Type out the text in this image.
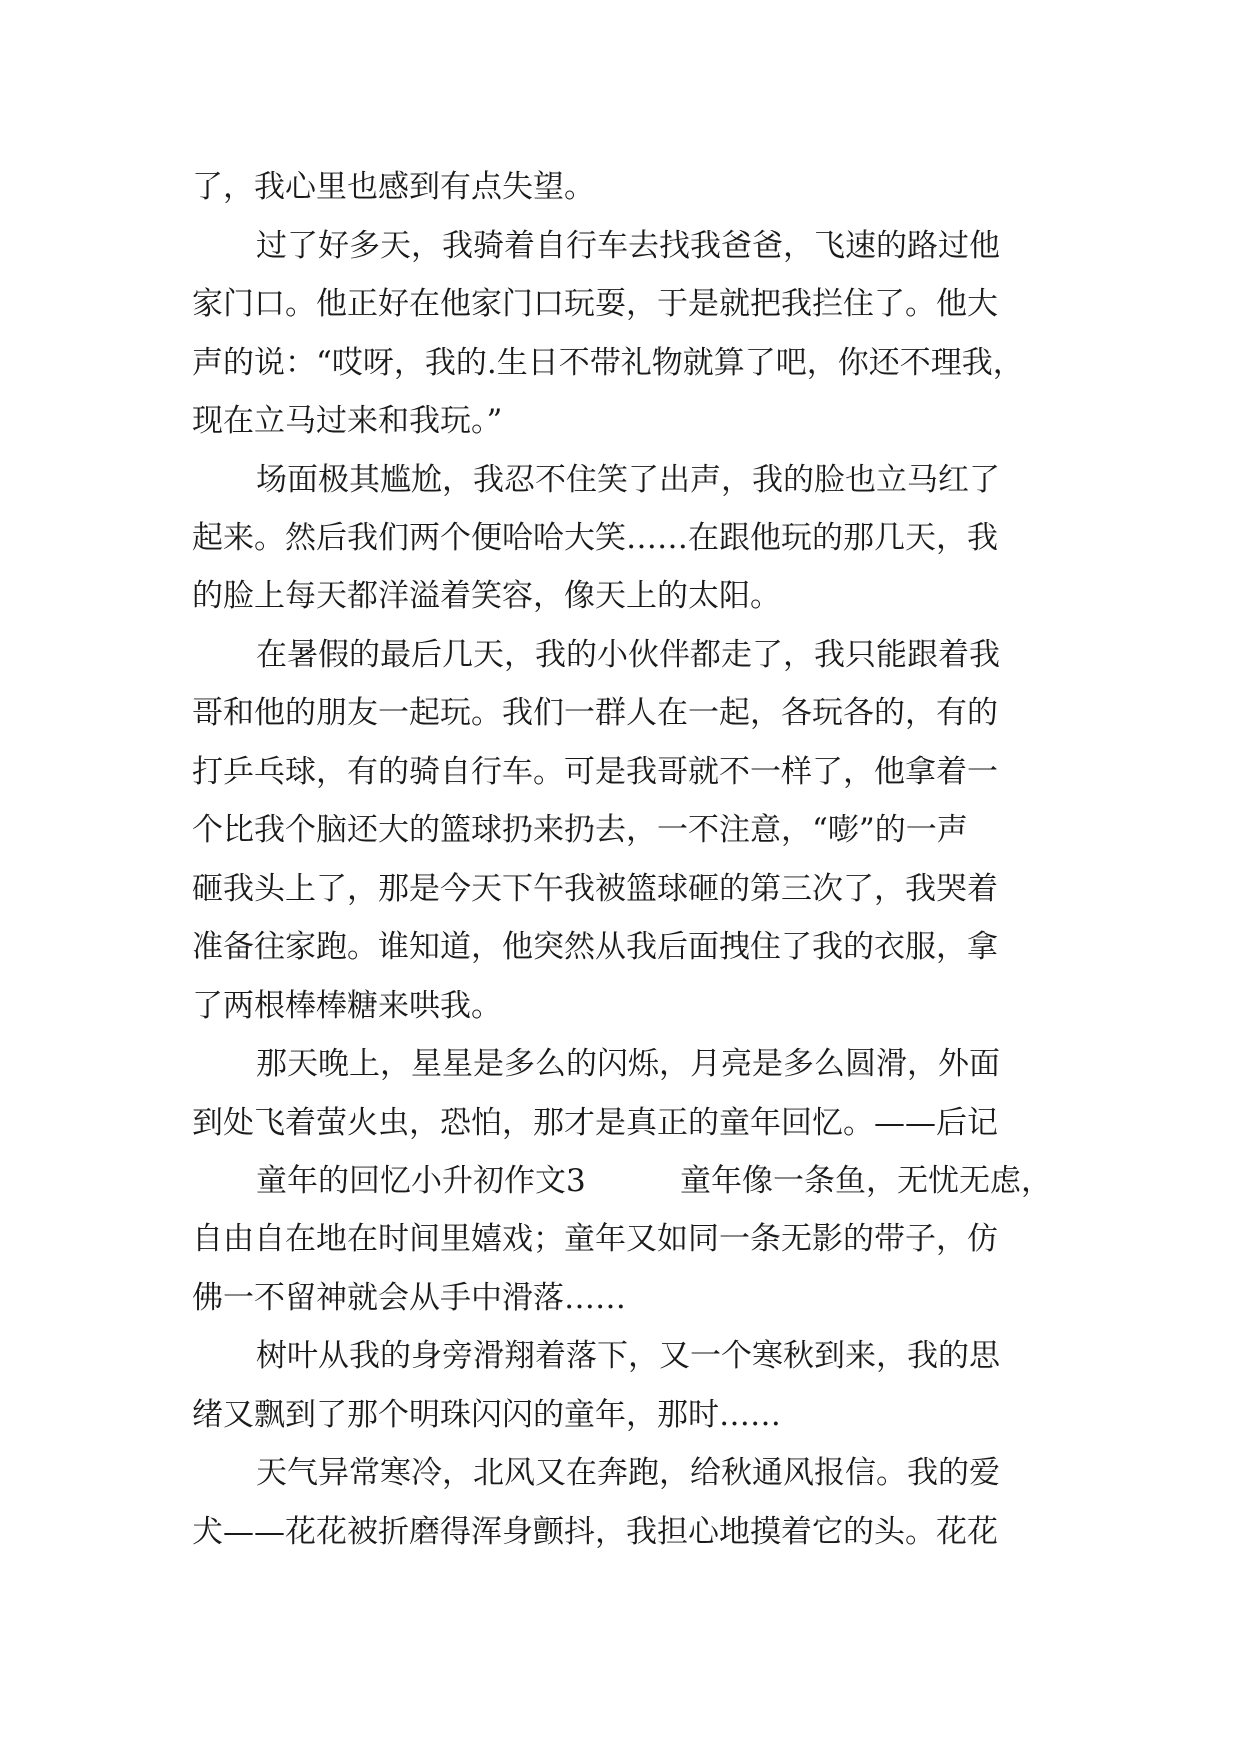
了，我心里也感到有点失望。
过了好多天，我骑着自行车去找我爸爸，飞速的路过他
家门口。他正好在他家门口玩耍，于是就把我拦住了。他大
声的说：“哎呀，我的.生日不带礼物就算了吧，你还不理我，
现在立马过来和我玩。”
场面极其尴尬，我忍不住笑了出声，我的脸也立马红了
起来。然后我们两个便哈哈大笑……在跟他玩的那几天，我
的脸上每天都洋溢着笑容，像天上的太阳。
在暑假的最后几天，我的小伙伴都走了，我只能跟着我
哥和他的朋友一起玩。我们一群人在一起，各玩各的，有的
打乒乓球，有的骑自行车。可是我哥就不一样了，他拿着一
个比我个脑还大的篮球扔来扔去，一不注意，“嘭”的一声
砸我头上了，那是今天下午我被篮球砸的第三次了，我哭着
准备往家跑。谁知道，他突然从我后面拽住了我的衣服，拿
了两根棒棒糖来哄我。
那天晚上，星星是多么的闪烁，月亮是多么圆滑，外面
到处飞着萤火虫，恐怕，那才是真正的童年回忆。——后记
童年的回忆小升初作文3	童年像一条鱼，无忧无虑，
自由自在地在时间里嬉戏；童年又如同一条无影的带子，仿
佛一不留神就会从手中滑落……
树叶从我的身旁滑翔着落下，又一个寒秋到来，我的思
绪又飘到了那个明珠闪闪的童年，那时……
天气异常寒冷，北风又在奔跑，给秋通风报信。我的爱
犬——花花被折磨得浑身颤抖，我担心地摸着它的头。花花
